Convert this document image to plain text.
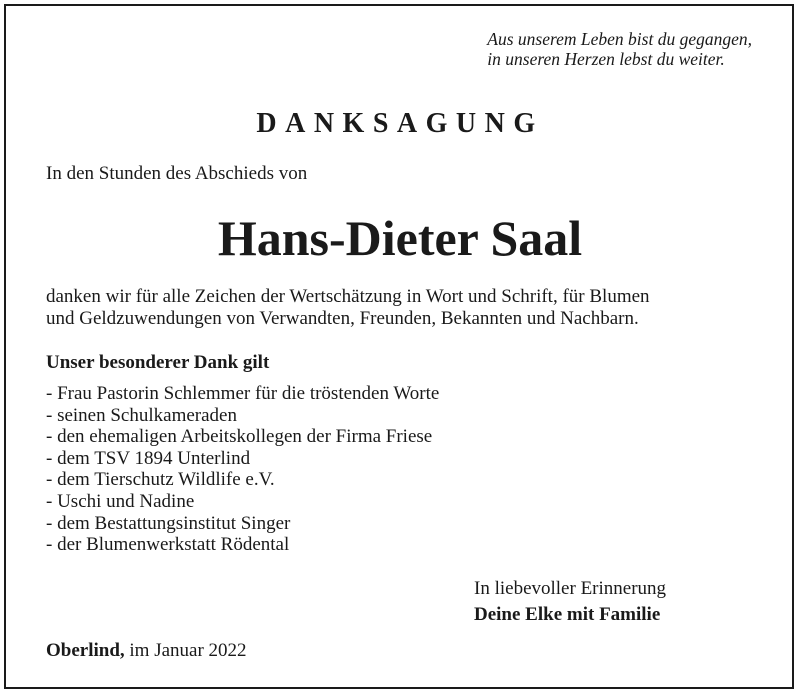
Aus unserem Leben bist du gegangen,
in unseren Herzen lebst du weiter.
DANKSAGUNG
In den Stunden des Abschieds von
Hans-Dieter Saal
danken wir für alle Zeichen der Wertschätzung in Wort und Schrift, für Blumen
und Geldzuwendungen von Verwandten, Freunden, Bekannten und Nachbarn.
Unser besonderer Dank gilt
- Frau Pastorin Schlemmer für die tröstenden Worte
- seinen Schulkameraden
- den ehemaligen Arbeitskollegen der Firma Friese
- dem TSV 1894 Unterlind
- dem Tierschutz Wildlife e.V.
- Uschi und Nadine
- dem Bestattungsinstitut Singer
- der Blumenwerkstatt Rödental
In liebevoller Erinnerung
Deine Elke mit Familie
Oberlind, im Januar 2022
